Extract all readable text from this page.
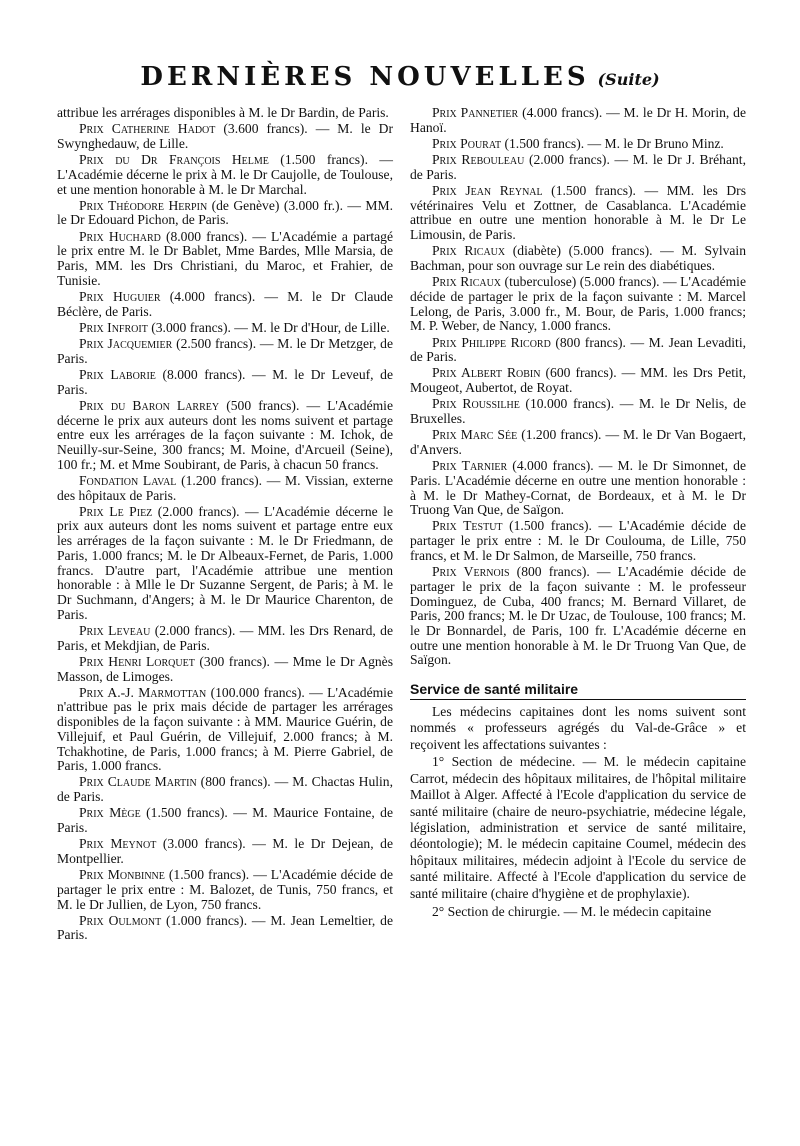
DERNIÈRES NOUVELLES (Suite)

attribue les arrérages disponibles à M. le Dr Bardin, de Paris.

Prix Catherine Hadot (3.600 francs). — M. le Dr Swynghedauw, de Lille.

Prix du Dr François Helme (1.500 francs). — L'Académie décerne le prix à M. le Dr Caujolle, de Toulouse, et une mention honorable à M. le Dr Marchal.

Prix Théodore Herpin (de Genève) (3.000 fr.). — MM. le Dr Edouard Pichon, de Paris.

Prix Huchard (8.000 francs). — L'Académie a partagé le prix entre M. le Dr Bablet, Mme Bardes, Mlle Marsia, de Paris, MM. les Drs Christiani, du Maroc, et Frahier, de Tunisie.

Prix Huguier (4.000 francs). — M. le Dr Claude Béclère, de Paris.

Prix Infroit (3.000 francs). — M. le Dr d'Hour, de Lille.

Prix Jacquemier (2.500 francs). — M. le Dr Metzger, de Paris.

Prix Laborie (8.000 francs). — M. le Dr Leveuf, de Paris.

Prix du Baron Larrey (500 francs). — L'Académie décerne le prix aux auteurs dont les noms suivent et partage entre eux les arrérages de la façon suivante : M. Ichok, de Neuilly-sur-Seine, 300 francs; M. Moine, d'Arcueil (Seine), 100 fr.; M. et Mme Soubirant, de Paris, à chacun 50 francs.

Fondation Laval (1.200 francs). — M. Vissian, externe des hôpitaux de Paris.

Prix Le Piez (2.000 francs). — L'Académie décerne le prix aux auteurs dont les noms suivent et partage entre eux les arrérages de la façon suivante : M. le Dr Friedmann, de Paris, 1.000 francs; M. le Dr Albeaux-Fernet, de Paris, 1.000 francs. D'autre part, l'Académie attribue une mention honorable : à Mlle le Dr Suzanne Sergent, de Paris; à M. le Dr Suchmann, d'Angers; à M. le Dr Maurice Charenton, de Paris.

Prix Leveau (2.000 francs). — MM. les Drs Renard, de Paris, et Mekdjian, de Paris.

Prix Henri Lorquet (300 francs). — Mme le Dr Agnès Masson, de Limoges.

Prix A.-J. Marmottan (100.000 francs). — L'Académie n'attribue pas le prix mais décide de partager les arrérages disponibles de la façon suivante : à MM. Maurice Guérin, de Villejuif, et Paul Guérin, de Villejuif, 2.000 francs; à M. Tchakhotine, de Paris, 1.000 francs; à M. Pierre Gabriel, de Paris, 1.000 francs.

Prix Claude Martin (800 francs). — M. Chactas Hulin, de Paris.

Prix Mège (1.500 francs). — M. Maurice Fontaine, de Paris.

Prix Meynot (3.000 francs). — M. le Dr Dejean, de Montpellier.

Prix Monbinne (1.500 francs). — L'Académie décide de partager le prix entre : M. Balozet, de Tunis, 750 francs, et M. le Dr Jullien, de Lyon, 750 francs.

Prix Oulmont (1.000 francs). — M. Jean Lemeltier, de Paris.

Prix Pannetier (4.000 francs). — M. le Dr H. Morin, de Hanoï.

Prix Pourat (1.500 francs). — M. le Dr Bruno Minz.

Prix Rebouleau (2.000 francs). — M. le Dr J. Bréhant, de Paris.

Prix Jean Reynal (1.500 francs). — MM. les Drs vétérinaires Velu et Zottner, de Casablanca. L'Académie attribue en outre une mention honorable à M. le Dr Le Limousin, de Paris.

Prix Ricaux (diabète) (5.000 francs). — M. Sylvain Bachman, pour son ouvrage sur Le rein des diabétiques.

Prix Ricaux (tuberculose) (5.000 francs). — L'Académie décide de partager le prix de la façon suivante : M. Marcel Lelong, de Paris, 3.000 fr., M. Bour, de Paris, 1.000 francs; M. P. Weber, de Nancy, 1.000 francs.

Prix Philippe Ricord (800 francs). — M. Jean Levaditi, de Paris.

Prix Albert Robin (600 francs). — MM. les Drs Petit, Mougeot, Aubertot, de Royat.

Prix Roussilhe (10.000 francs). — M. le Dr Nelis, de Bruxelles.

Prix Marc Sée (1.200 francs). — M. le Dr Van Bogaert, d'Anvers.

Prix Tarnier (4.000 francs). — M. le Dr Simonnet, de Paris. L'Académie décerne en outre une mention honorable : à M. le Dr Mathey-Cornat, de Bordeaux, et à M. le Dr Truong Van Que, de Saïgon.

Prix Testut (1.500 francs). — L'Académie décide de partager le prix entre : M. le Dr Coulouma, de Lille, 750 francs, et M. le Dr Salmon, de Marseille, 750 francs.

Prix Vernois (800 francs). — L'Académie décide de partager le prix de la façon suivante : M. le professeur Dominguez, de Cuba, 400 francs; M. Bernard Villaret, de Paris, 200 francs; M. le Dr Uzac, de Toulouse, 100 francs; M. le Dr Bonnardel, de Paris, 100 fr. L'Académie décerne en outre une mention honorable à M. le Dr Truong Van Que, de Saïgon.

Service de santé militaire

Les médecins capitaines dont les noms suivent sont nommés « professeurs agrégés du Val-de-Grâce » et reçoivent les affectations suivantes :

1° Section de médecine. — M. le médecin capitaine Carrot, médecin des hôpitaux militaires, de l'hôpital militaire Maillot à Alger. Affecté à l'Ecole d'application du service de santé militaire (chaire de neuro-psychiatrie, médecine légale, législation, administration et service de santé militaire, déontologie); M. le médecin capitaine Coumel, médecin des hôpitaux militaires, médecin adjoint à l'Ecole du service de santé militaire. Affecté à l'Ecole d'application du service de santé militaire (chaire d'hygiène et de prophylaxie).

2° Section de chirurgie. — M. le médecin capitaine
